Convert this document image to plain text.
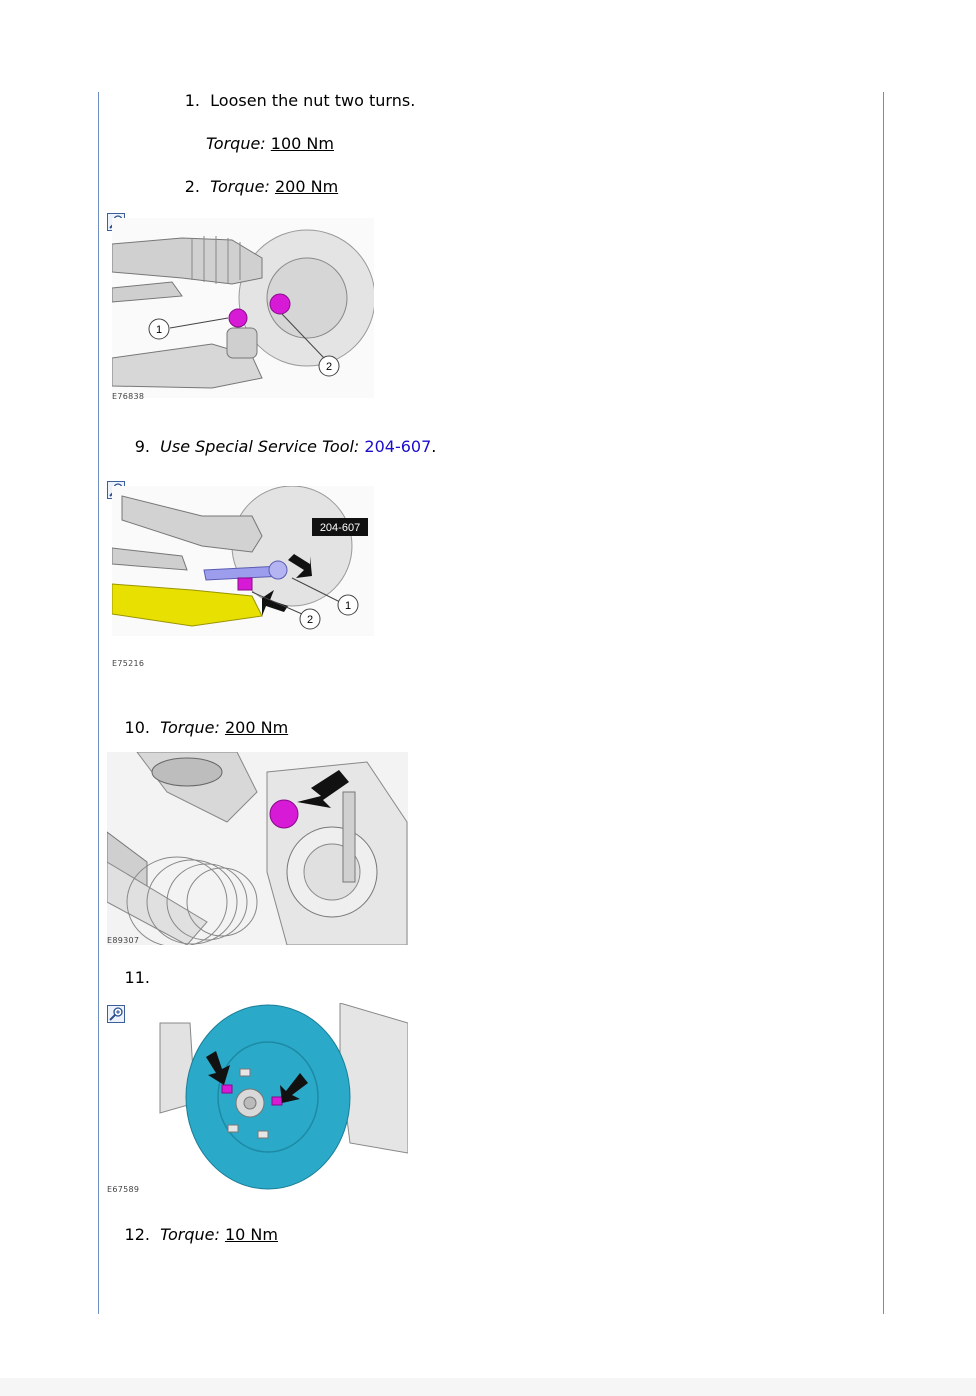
1. Loosen the nut two turns.
Torque: 100 Nm
2. Torque: 200 Nm
1
2
E76838
9. Use Special Service Tool: 204-607.
1
2
204-607
E75216
10. Torque: 200 Nm
E89307
11.
E67589
12. Torque: 10 Nm
